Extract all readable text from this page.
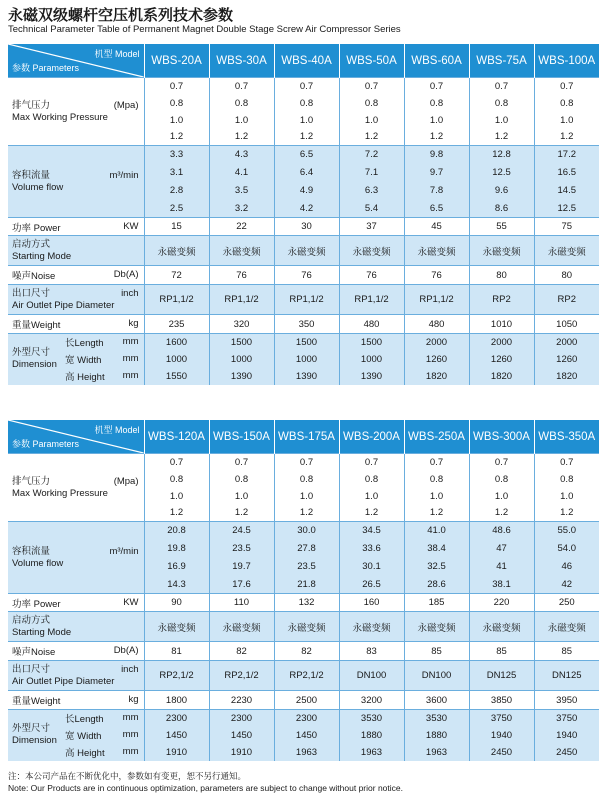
永磁双级螺杆空压机系列技术参数
Technical Parameter Table of Permanent Magnet Double Stage Screw Air Compressor Series
机型 Model
参数 Parameters		WBS-20A	WBS-30A	WBS-40A	WBS-50A	WBS-60A	WBS-75A	WBS-100A

排气压力
Max Working Pressure
(Mpa)		0.7	0.7	0.7	0.7	0.7	0.7	0.7
		0.8	0.8	0.8	0.8	0.8	0.8	0.8
		1.0	1.0	1.0	1.0	1.0	1.0	1.0
		1.2	1.2	1.2	1.2	1.2	1.2	1.2

容积流量
Volume flow
m³/min		3.3	4.3	6.5	7.2	9.8	12.8	17.2
		3.1	4.1	6.4	7.1	9.7	12.5	16.5
		2.8	3.5	4.9	6.3	7.8	9.6	14.5
		2.5	3.2	4.2	5.4	6.5	8.6	12.5
功率 Power KW		15	22	30	37	45	55	75

启动方式
Starting Mode		永磁变频	永磁变频	永磁变频	永磁变频	永磁变频	永磁变频	永磁变频
噪声Noise Db(A)		72	76	76	76	76	80	80

出口尺寸
Air Outlet Pipe Diameter
inch		RP1,1/2	RP1,1/2	RP1,1/2	RP1,1/2	RP1,1/2	RP2	RP2
重量Weight kg		235	320	350	480	480	1010	1050

外型尺寸
Dimension	长Length mm	1600	1500	1500	1500	2000	2000	2000
	宽 Width mm	1000	1000	1000	1000	1260	1260	1260
	高 Height mm	1550	1390	1390	1390	1820	1820	1820
机型 Model
参数 Parameters		WBS-120A	WBS-150A	WBS-175A	WBS-200A	WBS-250A	WBS-300A	WBS-350A

排气压力
Max Working Pressure
(Mpa)		0.7	0.7	0.7	0.7	0.7	0.7	0.7
		0.8	0.8	0.8	0.8	0.8	0.8	0.8
		1.0	1.0	1.0	1.0	1.0	1.0	1.0
		1.2	1.2	1.2	1.2	1.2	1.2	1.2

容积流量
Volume flow
m³/min		20.8	24.5	30.0	34.5	41.0	48.6	55.0
		19.8	23.5	27.8	33.6	38.4	47	54.0
		16.9	19.7	23.5	30.1	32.5	41	46
		14.3	17.6	21.8	26.5	28.6	38.1	42
功率 Power KW		90	110	132	160	185	220	250

启动方式
Starting Mode		永磁变频	永磁变频	永磁变频	永磁变频	永磁变频	永磁变频	永磁变频
噪声Noise Db(A)		81	82	82	83	85	85	85

出口尺寸
Air Outlet Pipe Diameter
inch		RP2,1/2	RP2,1/2	RP2,1/2	DN100	DN100	DN125	DN125
重量Weight kg		1800	2230	2500	3200	3600	3850	3950

外型尺寸
Dimension	长Length mm	2300	2300	2300	3530	3530	3750	3750
	宽 Width mm	1450	1450	1450	1880	1880	1940	1940
	高 Height mm	1910	1910	1963	1963	1963	2450	2450
注：本公司产品在不断优化中，参数如有变更，恕不另行通知。
Note: Our Products are in continuous optimization, parameters are subject to change without prior notice.
